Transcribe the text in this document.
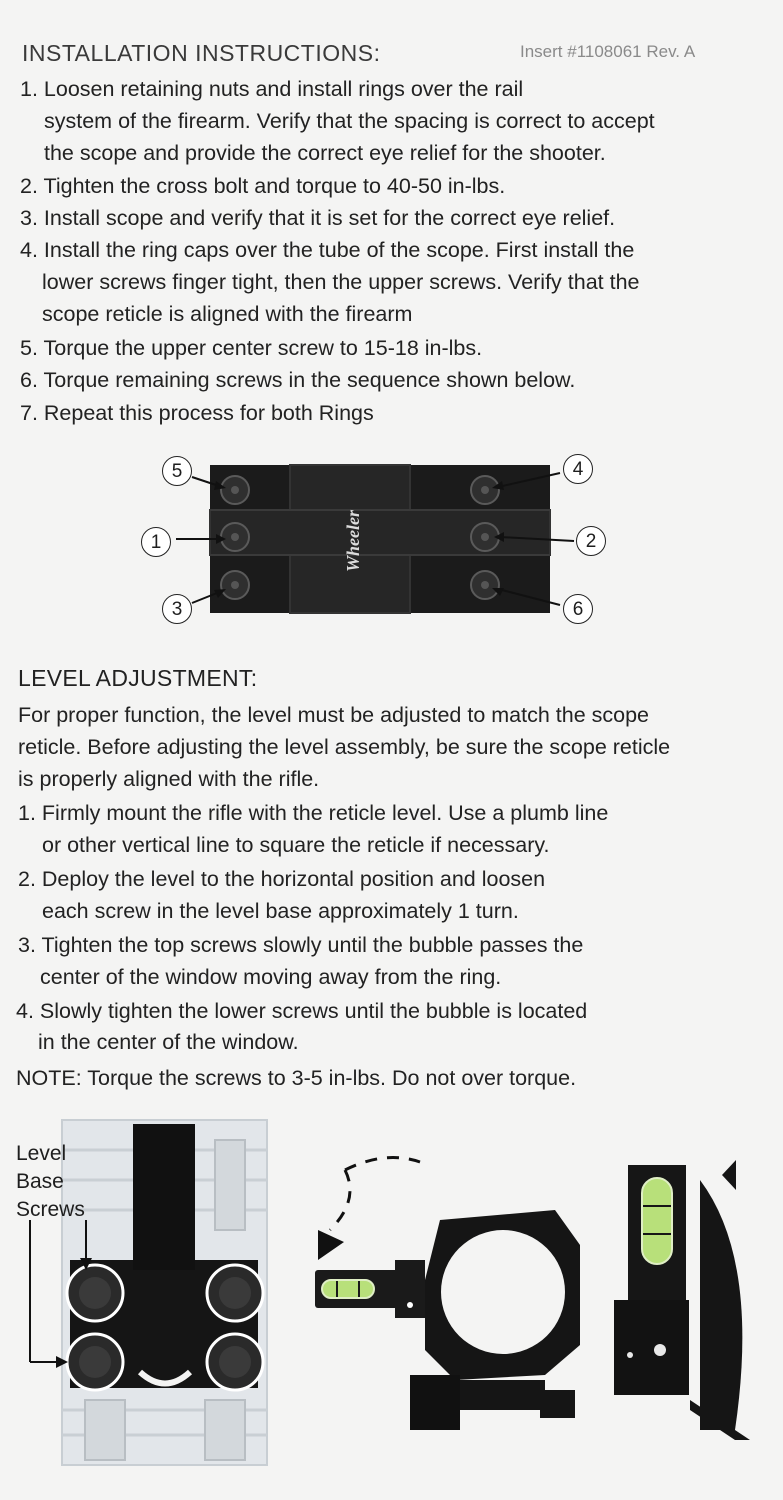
INSTALLATION INSTRUCTIONS:	Insert #1108061 Rev. A
1. Loosen retaining nuts and install rings over the rail
system of the firearm. Verify that the spacing is correct to accept
the scope and provide the correct eye relief for the shooter.
2. Tighten the cross bolt and torque to 40-50 in-lbs.
3. Install scope and verify that it is set for the correct eye relief.
4. Install the ring caps over the tube of the scope. First install the
lower screws finger tight, then the upper screws. Verify that the
scope reticle is aligned with the firearm
5. Torque the upper center screw to 15-18 in-lbs.
6. Torque remaining screws in the sequence shown below.
7. Repeat this process for both Rings
Wheeler
5
1
3
4
2
6
LEVEL ADJUSTMENT:
For proper function, the level must be adjusted to match the scope
reticle. Before adjusting the level assembly, be sure the scope reticle
is properly aligned with the rifle.
1. Firmly mount the rifle with the reticle level. Use a plumb line
or other vertical line to square the reticle if necessary.
2. Deploy the level to the horizontal position and loosen
each screw in the level base approximately 1 turn.
3. Tighten the top screws slowly until the bubble passes the
center of the window moving away from the ring.
4. Slowly tighten the lower screws until the bubble is located
in the center of the window.
NOTE: Torque the screws to 3-5 in-lbs. Do not over torque.
Level
Base
Screws
